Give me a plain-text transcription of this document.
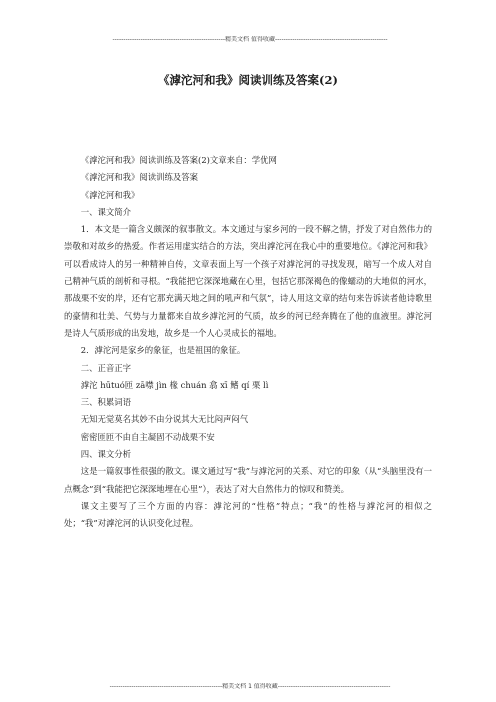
----------------------------------------------------精美文档 值得收藏----------------------------------------------------
《滹沱河和我》阅读训练及答案(2)

《滹沱河和我》阅读训练及答案(2)文章来自：学优网

《滹沱河和我》阅读训练及答案

《滹沱河和我》

一、课文简介

1．本文是一篇含义颇深的叙事散文。本文通过与家乡河的一段不解之情，抒发了对自然伟力的崇敬和对故乡的热爱。作者运用虚实结合的方法，突出滹沱河在我心中的重要地位。《滹沱河和我》可以看成诗人的另一种精神自传，文章表面上写一个孩子对滹沱河的寻找发现，暗写一个成人对自己精神气质的剖析和寻根。“我能把它深深地藏在心里，包括它那深褐色的像蠕动的大地似的河水，那战栗不安的岸，还有它那充满天地之间的吼声和气氛”，诗人用这文章的结句来告诉读者他诗歌里的豪情和壮美、气势与力量都来自故乡滹沱河的气质，故乡的河已经奔腾在了他的血液里。滹沱河是诗人气质形成的出发地，故乡是一个人心灵成长的福地。

2．滹沱河是家乡的象征，也是祖国的象征。

二、正音正字

滹沱 hūtuó匝 zā噤 jìn 椽 chuán 翕 xī 鳍 qí 栗 lì

三、积累词语

无知无觉莫名其妙不由分说其大无比闷声闷气

密密匝匝不由自主凝固不动战栗不安

四、课文分析

这是一篇叙事性很强的散文。课文通过写“我”与滹沱河的关系、对它的印象（从“头脑里没有一点概念”到“我能把它深深地埋在心里”），表达了对大自然伟力的惊叹和赞美。

课文主要写了三个方面的内容：滹沱河的“性格”特点；“我”的性格与滹沱河的相似之处；“我”对滹沱河的认识变化过程。

----------------------------------------------------精美文档 1 值得收藏----------------------------------------------------
